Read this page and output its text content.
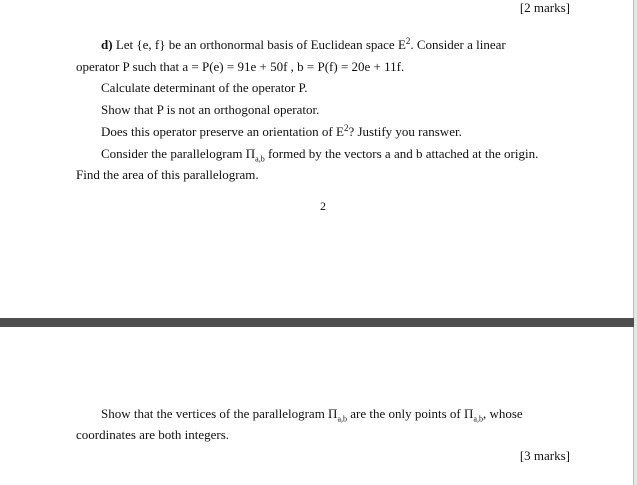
[2 marks]
d) Let {e, f} be an orthonormal basis of Euclidean space $E^2$. Consider a linear
operator P such that a = P(e) = 91e + 50f , b = P(f) = 20e + 11f.
Calculate determinant of the operator P.
Show that P is not an orthogonal operator.
Does this operator preserve an orientation of $E^2$? Justify you ranswer.
Consider the parallelogram $\Pi_{a,b}$ formed by the vectors a and b attached at the origin.
Find the area of this parallelogram.
2
Show that the vertices of the parallelogram $\Pi_{a,b}$ are the only points of $\Pi_{a,b}$, whose
coordinates are both integers.
[3 marks]
